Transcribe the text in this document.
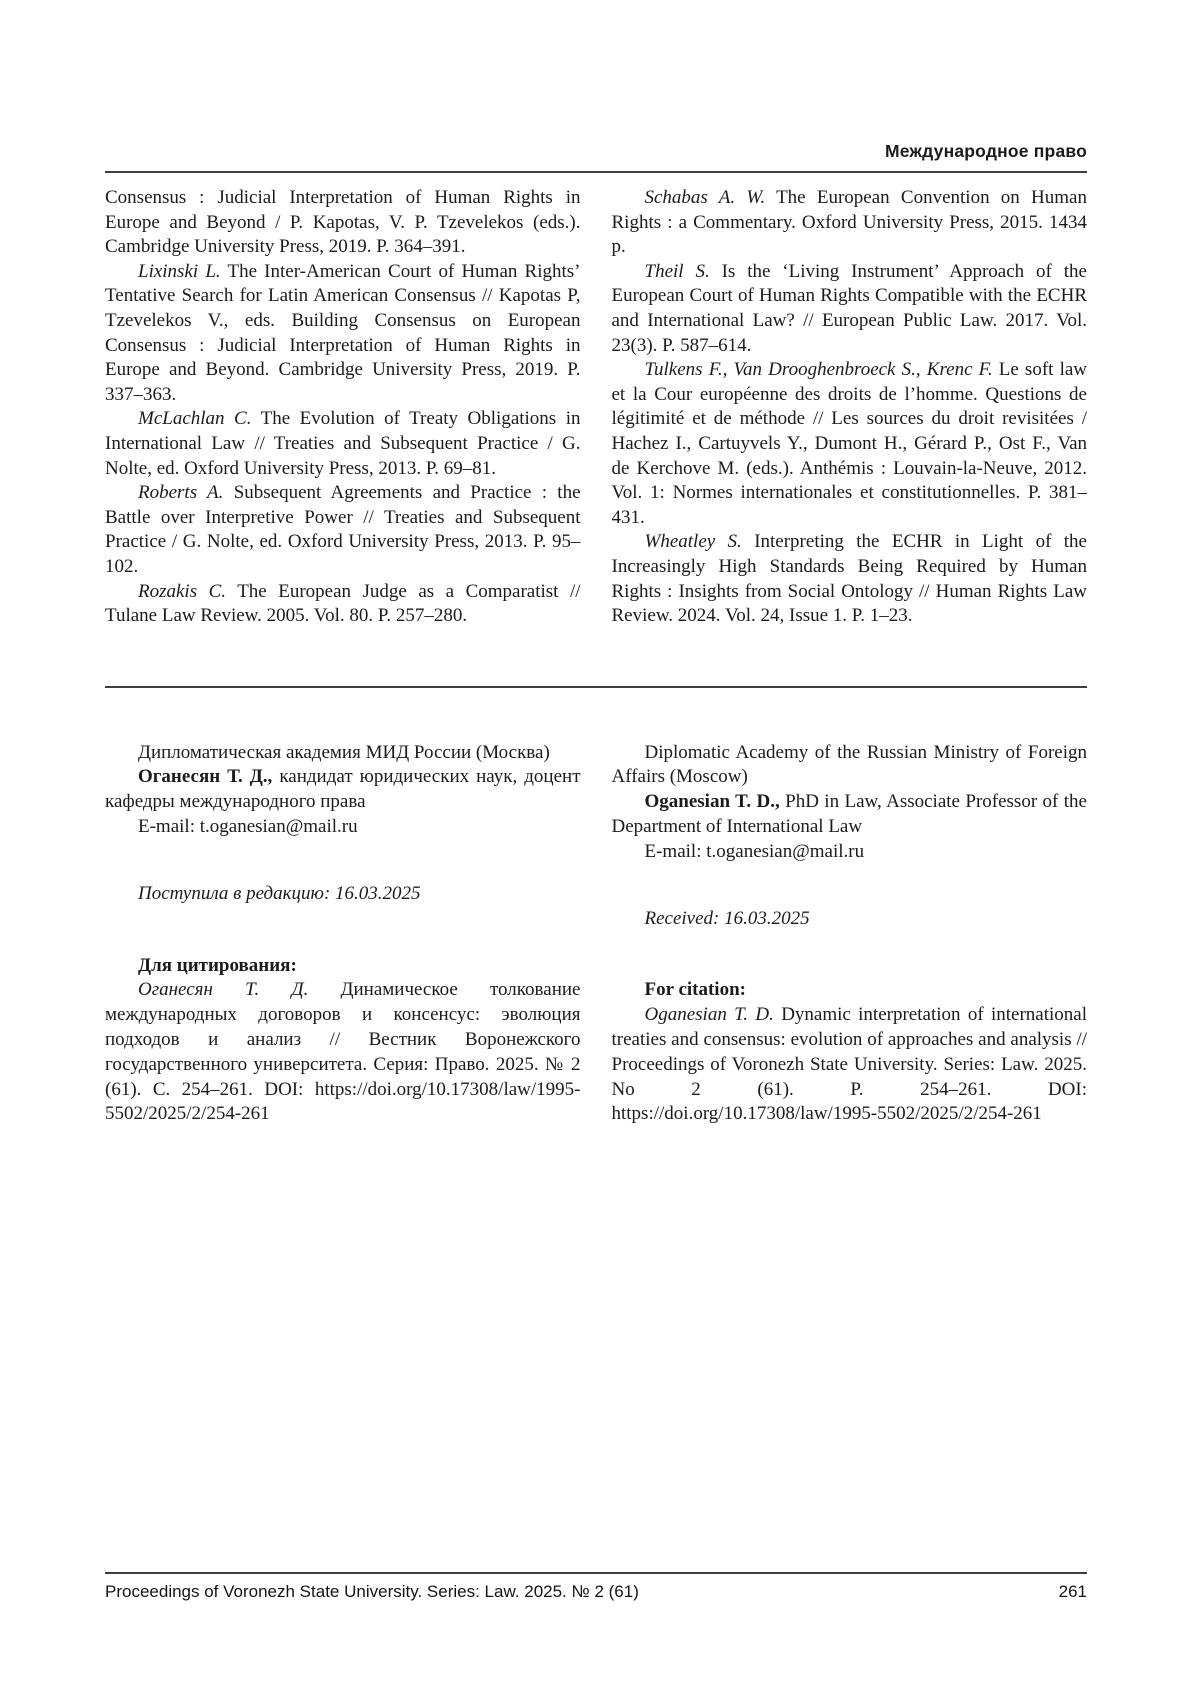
Международное право

Consensus : Judicial Interpretation of Human Rights in Europe and Beyond / P. Kapotas, V. P. Tzevelekos (eds.). Cambridge University Press, 2019. P. 364–391.

Lixinski L. The Inter-American Court of Human Rights’ Tentative Search for Latin American Consensus // Kapotas P, Tzevelekos V., eds. Building Consensus on European Consensus : Judicial Interpretation of Human Rights in Europe and Beyond. Cambridge University Press, 2019. P. 337–363.

McLachlan C. The Evolution of Treaty Obligations in International Law // Treaties and Subsequent Practice / G. Nolte, ed. Oxford University Press, 2013. P. 69–81.

Roberts A. Subsequent Agreements and Practice : the Battle over Interpretive Power // Treaties and Subsequent Practice / G. Nolte, ed. Oxford University Press, 2013. P. 95–102.

Rozakis C. The European Judge as a Comparatist // Tulane Law Review. 2005. Vol. 80. P. 257–280.

Schabas A. W. The European Convention on Human Rights : a Commentary. Oxford University Press, 2015. 1434 p.

Theil S. Is the ‘Living Instrument’ Approach of the European Court of Human Rights Compatible with the ECHR and International Law? // European Public Law. 2017. Vol. 23(3). P. 587–614.

Tulkens F., Van Drooghenbroeck S., Krenc F. Le soft law et la Cour européenne des droits de l’homme. Questions de légitimité et de méthode // Les sources du droit revisitées / Hachez I., Cartuyvels Y., Dumont H., Gérard P., Ost F., Van de Kerchove M. (eds.). Anthémis : Louvain-la-Neuve, 2012. Vol. 1: Normes internationales et constitutionnelles. P. 381–431.

Wheatley S. Interpreting the ECHR in Light of the Increasingly High Standards Being Required by Human Rights : Insights from Social Ontology // Human Rights Law Review. 2024. Vol. 24, Issue 1. P. 1–23.

Дипломатическая академия МИД России (Москва)

Оганесян Т. Д., кандидат юридических наук, доцент кафедры международного права

E-mail: t.oganesian@mail.ru

Поступила в редакцию: 16.03.2025

Для цитирования:

Оганесян Т. Д. Динамическое толкование международных договоров и консенсус: эволюция подходов и анализ // Вестник Воронежского государственного университета. Серия: Право. 2025. № 2 (61). С. 254–261. DOI: https://doi.org/10.17308/law/1995-5502/2025/2/254-261

Diplomatic Academy of the Russian Ministry of Foreign Affairs (Moscow)

Oganesian T. D., PhD in Law, Associate Professor of the Department of International Law

E-mail: t.oganesian@mail.ru

Received: 16.03.2025

For citation:

Oganesian T. D. Dynamic interpretation of international treaties and consensus: evolution of approaches and analysis // Proceedings of Voronezh State University. Series: Law. 2025. No 2 (61). P. 254–261. DOI: https://doi.org/10.17308/law/1995-5502/2025/2/254-261

Proceedings of Voronezh State University. Series: Law. 2025. № 2 (61)	261
